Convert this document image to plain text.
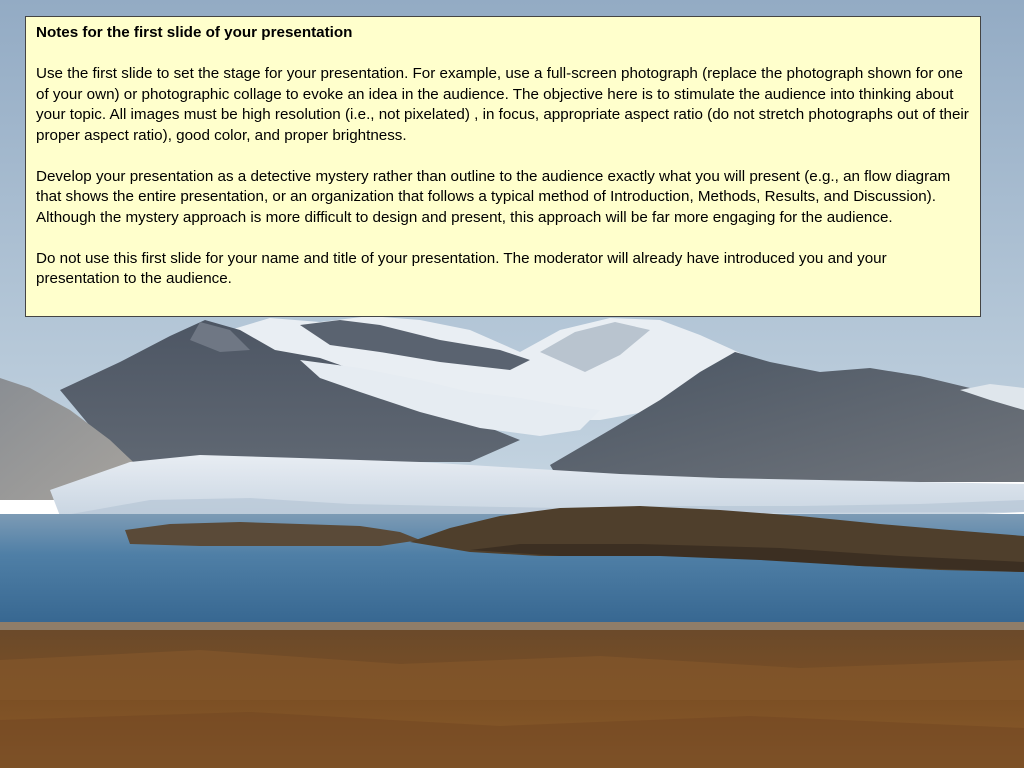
Notes for the first slide of your presentation

Use the first slide to set the stage for your presentation. For example, use a full-screen photograph (replace the photograph shown for one of your own) or photographic collage to evoke an idea in the audience. The objective here is to stimulate the audience into thinking about your topic. All images must be high resolution (i.e., not pixelated) , in focus, appropriate aspect ratio (do not stretch photographs out of their proper aspect ratio), good color, and proper brightness.

Develop your presentation as a detective mystery rather than outline to the audience exactly what you will present (e.g., an flow diagram that shows the entire presentation, or an organization that follows a typical method of Introduction, Methods, Results, and Discussion). Although the mystery approach is more difficult to design and present, this approach will be far more engaging for the audience.

Do not use this first slide for your name and title of your presentation. The moderator will already have introduced you and your presentation to the audience.
